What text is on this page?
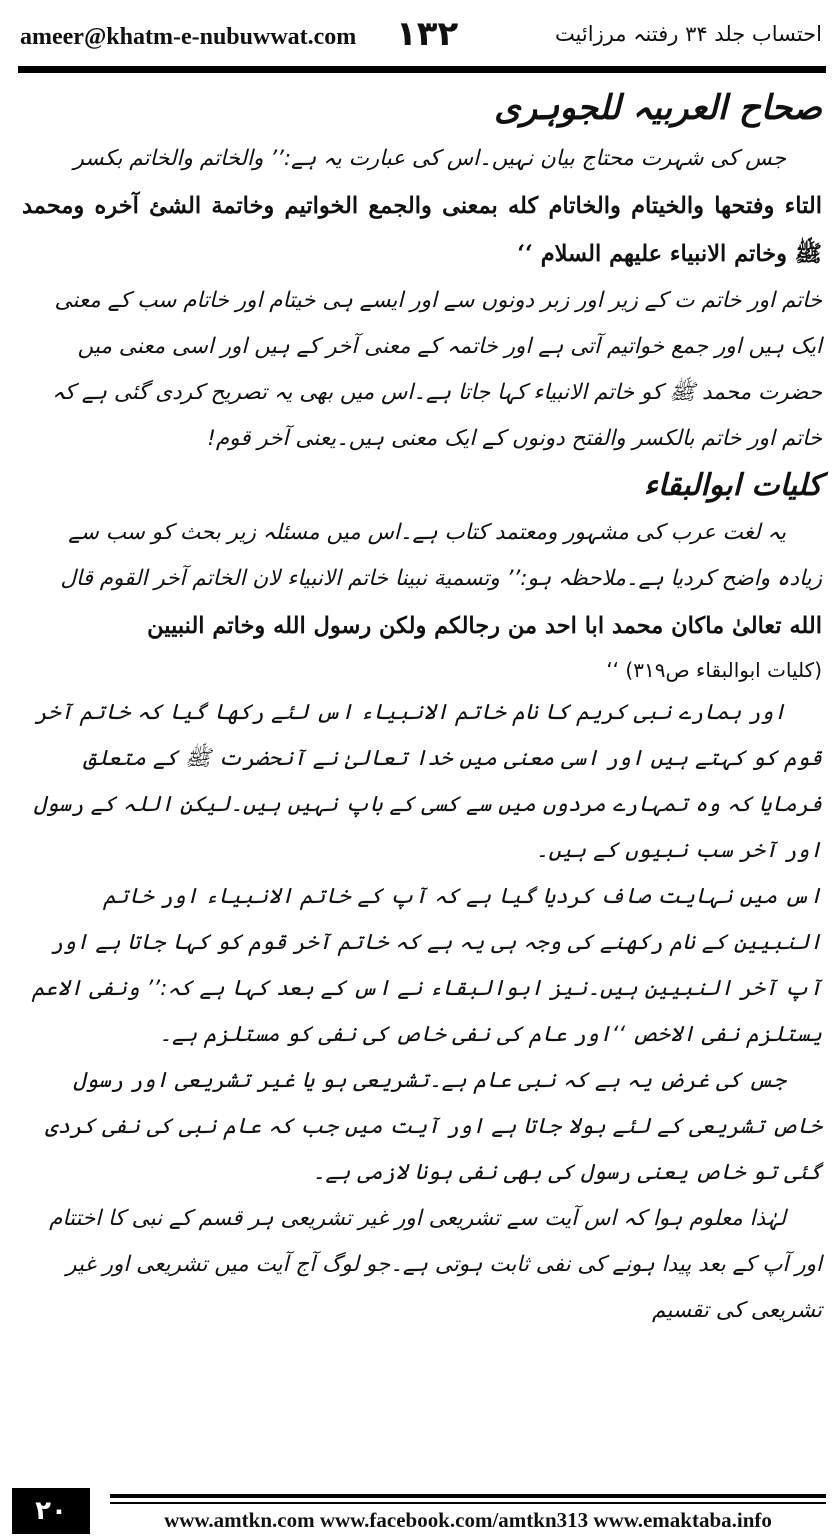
ameer@khatm-e-nubuwwat.com ۱۳۲	احتساب جلد ۳۴ رفتنہ مرزائیت

صحاح العربیہ للجوہری

جس کی شہرت محتاج بیان نہیں۔اس کی عبارت یہ ہے:’’ والخاتم والخاتم بکسر

التاء وفتحها والخیتام والخاتام کله بمعنی والجمع الخواتیم وخاتمة الشئ آخره ومحمد ﷺ وخاتم الانبیاء علیهم السلام ‘‘

خاتم اور خاتم ت کے زیر اور زبر دونوں سے اور ایسے ہی خیتام اور خاتام سب کے معنی ایک ہیں اور جمع خواتیم آتی ہے اور خاتمہ کے معنی آخر کے ہیں اور اسی معنی میں حضرت محمد ﷺ کو خاتم الانبیاء کہا جاتا ہے۔اس میں بھی یہ تصریح کردی گئی ہے کہ خاتم اور خاتم بالکسر والفتح دونوں کے ایک معنی ہیں۔یعنی آخر قوم!

کلیات ابوالبقاء

یہ لغت عرب کی مشہور ومعتمد کتاب ہے۔اس میں مسئلہ زیر بحث کو سب سے زیادہ واضح کردیا ہے۔ملاحظہ ہو:’’ وتسمیة نبینا خاتم الانبیاء لان الخاتم آخر القوم قال

الله تعالیٰ ماکان محمد ابا احد من رجالکم ولکن رسول الله وخاتم النبیین

(کلیات ابوالبقاء ص۳۱۹) ‘‘

اور ہمارے نبی کریم کا نام خاتم الانبیاء اس لئے رکھا گیا کہ خاتم آخر قوم کو کہتے ہیں اور اسی معنی میں خدا تعالیٰ نے آنحضرت ﷺ کے متعلق فرمایا کہ وہ تمہارے مردوں میں سے کسی کے باپ نہیں ہیں۔لیکن اللہ کے رسول اور آخر سب نبیوں کے ہیں۔

اس میں نہایت صاف کردیا گیا ہے کہ آپ کے خاتم الانبیاء اور خاتم النبیین کے نام رکھنے کی وجہ ہی یہ ہے کہ خاتم آخر قوم کو کہا جاتا ہے اور آپ آخر النبیین ہیں۔نیز ابوالبقاء نے اس کے بعد کہا ہے کہ:’’ ونفی الاعم یستلزم نفی الاخص ‘‘اور عام کی نفی خاص کی نفی کو مستلزم ہے۔

جس کی غرض یہ ہے کہ نبی عام ہے۔تشریعی ہو یا غیر تشریعی اور رسول خاص تشریعی کے لئے بولا جاتا ہے اور آیت میں جب کہ عام نبی کی نفی کردی گئی تو خاص یعنی رسول کی بھی نفی ہونا لازمی ہے۔

لہٰذا معلوم ہوا کہ اس آیت سے تشریعی اور غیر تشریعی ہر قسم کے نبی کا اختتام اور آپ کے بعد پیدا ہونے کی نفی ثابت ہوتی ہے۔جو لوگ آج آیت میں تشریعی اور غیر تشریعی کی تقسیم

۲۰	www.amtkn.com www.facebook.com/amtkn313 www.emaktaba.info
